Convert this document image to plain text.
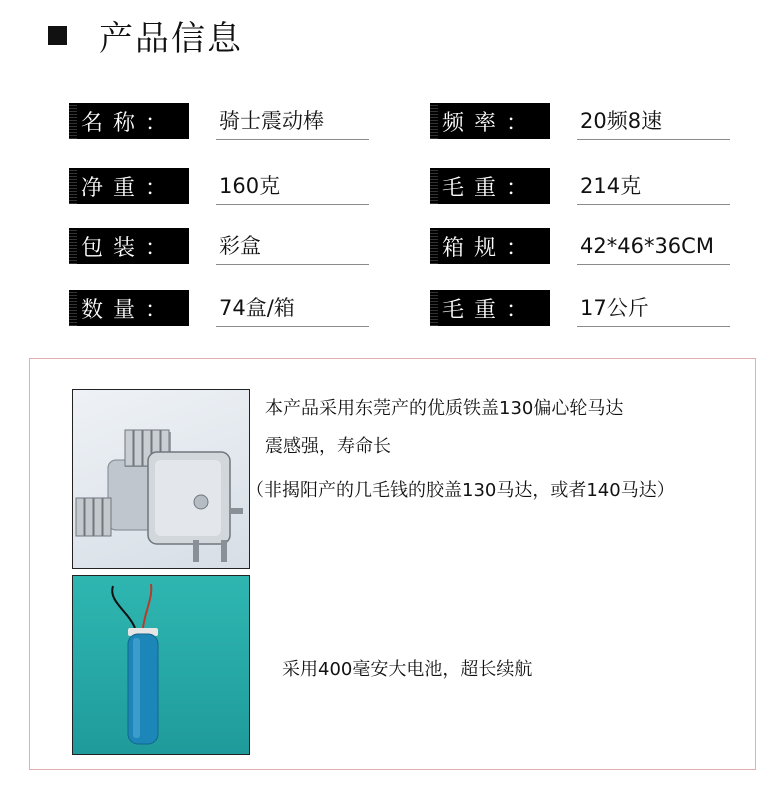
产品信息
名称：	骑士震动棒	频率：	20频8速
净重：	160克	毛重：	214克
包装：	彩盒	箱规：	42*46*36CM
数量：	74盒/箱	毛重：	17公斤
本产品采用东莞产的优质铁盖130偏心轮马达
震感强，寿命长
（非揭阳产的几毛钱的胶盖130马达，或者140马达）
采用400毫安大电池，超长续航
